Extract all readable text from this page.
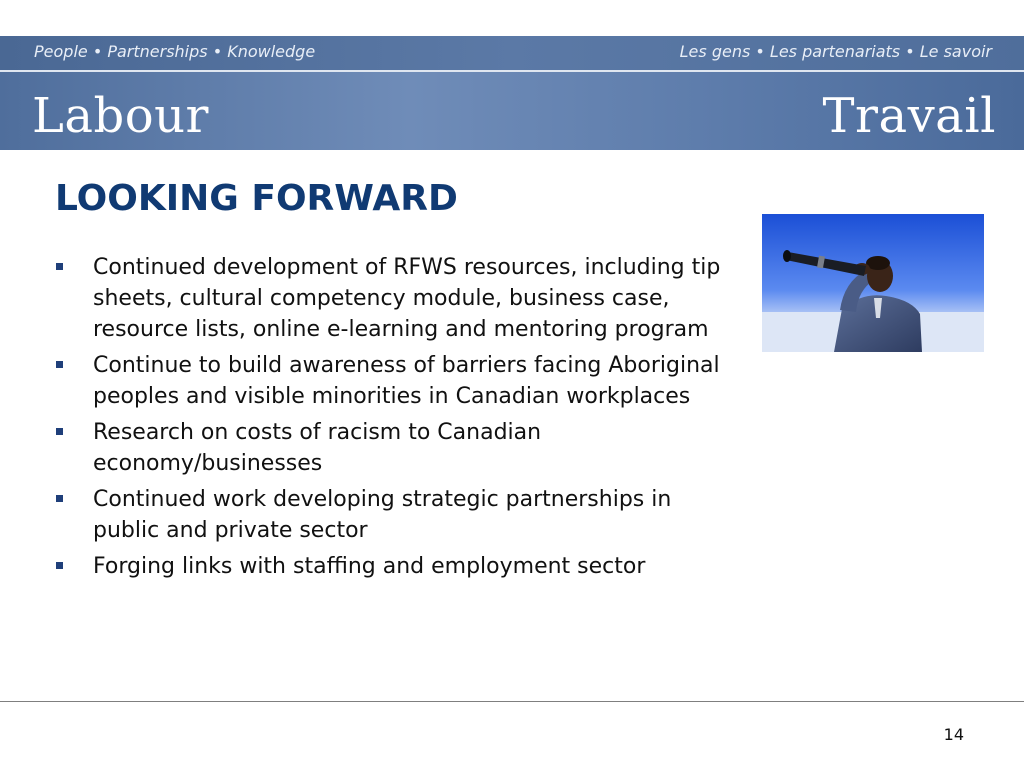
People • Partnerships • Knowledge	Les gens • Les partenariats • Le savoir
Labour	Travail
LOOKING FORWARD
Continued development of RFWS resources, including tip sheets, cultural competency module, business case, resource lists, online e-learning and mentoring program
Continue to build awareness of barriers facing Aboriginal peoples and visible minorities in Canadian workplaces
Research on costs of racism to Canadian economy/businesses
Continued work developing strategic partnerships in public and private sector
Forging links with staffing and employment sector
14
